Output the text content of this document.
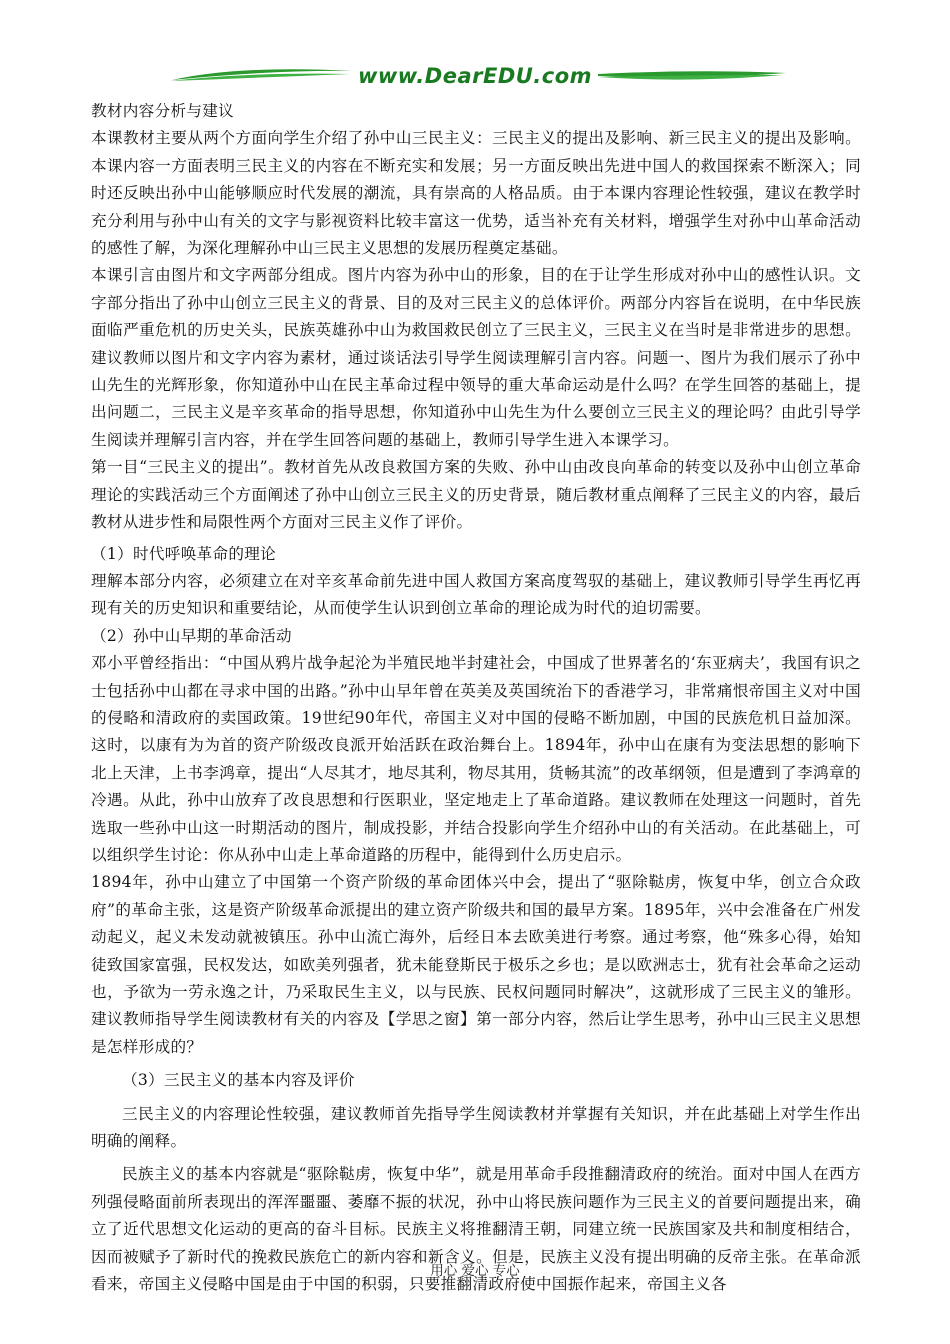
www.DearEDU.com

教材内容分析与建议

本课教材主要从两个方面向学生介绍了孙中山三民主义：三民主义的提出及影响、新三民主义的提出及影响。本课内容一方面表明三民主义的内容在不断充实和发展；另一方面反映出先进中国人的救国探索不断深入；同时还反映出孙中山能够顺应时代发展的潮流，具有崇高的人格品质。由于本课内容理论性较强，建议在教学时充分利用与孙中山有关的文字与影视资料比较丰富这一优势，适当补充有关材料，增强学生对孙中山革命活动的感性了解，为深化理解孙中山三民主义思想的发展历程奠定基础。

本课引言由图片和文字两部分组成。图片内容为孙中山的形象，目的在于让学生形成对孙中山的感性认识。文字部分指出了孙中山创立三民主义的背景、目的及对三民主义的总体评价。两部分内容旨在说明，在中华民族面临严重危机的历史关头，民族英雄孙中山为救国救民创立了三民主义，三民主义在当时是非常进步的思想。建议教师以图片和文字内容为素材，通过谈话法引导学生阅读理解引言内容。问题一、图片为我们展示了孙中山先生的光辉形象，你知道孙中山在民主革命过程中领导的重大革命运动是什么吗？在学生回答的基础上，提出问题二，三民主义是辛亥革命的指导思想，你知道孙中山先生为什么要创立三民主义的理论吗？由此引导学生阅读并理解引言内容，并在学生回答问题的基础上，教师引导学生进入本课学习。

第一目“三民主义的提出”。教材首先从改良救国方案的失败、孙中山由改良向革命的转变以及孙中山创立革命理论的实践活动三个方面阐述了孙中山创立三民主义的历史背景，随后教材重点阐释了三民主义的内容，最后教材从进步性和局限性两个方面对三民主义作了评价。

（1）时代呼唤革命的理论

理解本部分内容，必须建立在对辛亥革命前先进中国人救国方案高度驾驭的基础上，建议教师引导学生再忆再现有关的历史知识和重要结论，从而使学生认识到创立革命的理论成为时代的迫切需要。

（2）孙中山早期的革命活动

邓小平曾经指出：“中国从鸦片战争起沦为半殖民地半封建社会，中国成了世界著名的‘东亚病夫’，我国有识之士包括孙中山都在寻求中国的出路。”孙中山早年曾在英美及英国统治下的香港学习，非常痛恨帝国主义对中国的侵略和清政府的卖国政策。19世纪90年代，帝国主义对中国的侵略不断加剧，中国的民族危机日益加深。这时，以康有为为首的资产阶级改良派开始活跃在政治舞台上。1894年，孙中山在康有为变法思想的影响下北上天津，上书李鸿章，提出“人尽其才，地尽其利，物尽其用，货畅其流”的改革纲领，但是遭到了李鸿章的冷遇。从此，孙中山放弃了改良思想和行医职业，坚定地走上了革命道路。建议教师在处理这一问题时，首先选取一些孙中山这一时期活动的图片，制成投影，并结合投影向学生介绍孙中山的有关活动。在此基础上，可以组织学生讨论：你从孙中山走上革命道路的历程中，能得到什么历史启示。

1894年，孙中山建立了中国第一个资产阶级的革命团体兴中会，提出了“驱除鞑虏，恢复中华，创立合众政府”的革命主张，这是资产阶级革命派提出的建立资产阶级共和国的最早方案。1895年，兴中会准备在广州发动起义，起义未发动就被镇压。孙中山流亡海外，后经日本去欧美进行考察。通过考察，他“殊多心得，始知徒致国家富强，民权发达，如欧美列强者，犹未能登斯民于极乐之乡也；是以欧洲志士，犹有社会革命之运动也，予欲为一劳永逸之计，乃采取民生主义，以与民族、民权问题同时解决”，这就形成了三民主义的雏形。建议教师指导学生阅读教材有关的内容及【学思之窗】第一部分内容，然后让学生思考，孙中山三民主义思想是怎样形成的？

（3）三民主义的基本内容及评价

三民主义的内容理论性较强，建议教师首先指导学生阅读教材并掌握有关知识，并在此基础上对学生作出明确的阐释。

民族主义的基本内容就是“驱除鞑虏，恢复中华”，就是用革命手段推翻清政府的统治。面对中国人在西方列强侵略面前所表现出的浑浑噩噩、萎靡不振的状况，孙中山将民族问题作为三民主义的首要问题提出来，确立了近代思想文化运动的更高的奋斗目标。民族主义将推翻清王朝，同建立统一民族国家及共和制度相结合，因而被赋予了新时代的挽救民族危亡的新内容和新含义。但是，民族主义没有提出明确的反帝主张。在革命派看来，帝国主义侵略中国是由于中国的积弱，只要推翻清政府使中国振作起来，帝国主义各

用心 爱心 专心
